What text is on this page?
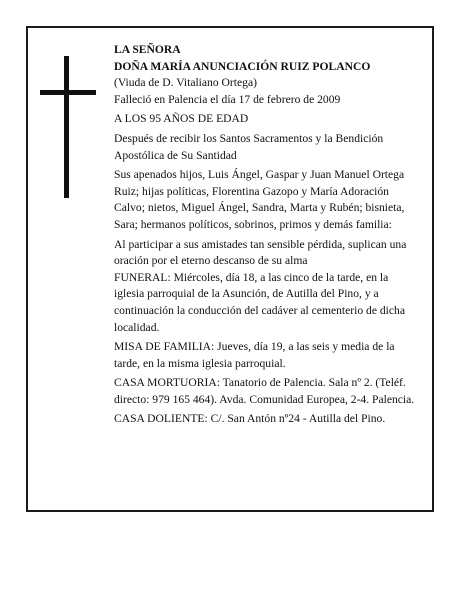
LA SEÑORA

DOÑA MARÍA ANUNCIACIÓN RUIZ POLANCO

(Viuda de D. Vitaliano Ortega)

Falleció en Palencia el día 17 de febrero de 2009

A LOS 95 AÑOS DE EDAD

Después de recibir los Santos Sacramentos y la Bendición Apostólica de Su Santidad

Sus apenados hijos, Luis Ángel, Gaspar y Juan Manuel Ortega Ruiz; hijas políticas, Florentina Gazopo y María Adoración Calvo; nietos, Miguel Ángel, Sandra, Marta y Rubén; bisnieta, Sara; hermanos políticos, sobrinos, primos y demás familia:

Al participar a sus amistades tan sensible pérdida, suplican una oración por el eterno descanso de su alma

FUNERAL: Miércoles, día 18, a las cinco de la tarde, en la iglesia parroquial de la Asunción, de Autilla del Pino, y a continuación la conducción del cadáver al cementerio de dicha localidad.

MISA DE FAMILIA: Jueves, día 19, a las seis y media de la tarde, en la misma iglesia parroquial.

CASA MORTUORIA: Tanatorio de Palencia. Sala nº 2. (Teléf. directo: 979 165 464). Avda. Comunidad Europea, 2-4. Palencia.

CASA DOLIENTE: C/. San Antón nº24 - Autilla del Pino.
